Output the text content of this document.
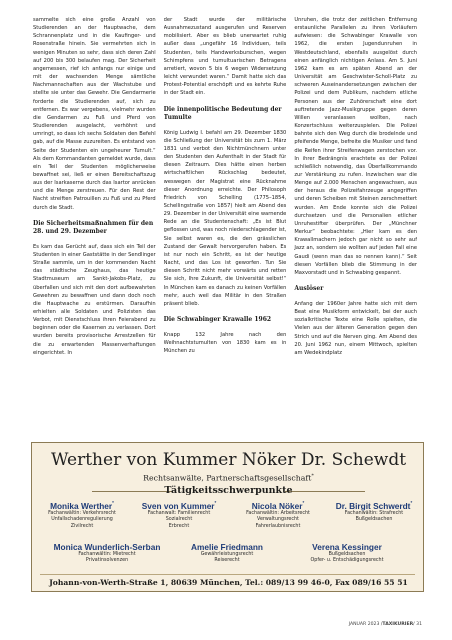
sammelte sich eine große Anzahl von Studierenden an der Hauptwache, dem Schrannenplatz und in die Kaufinger- und Rosenstraße hinein. Sie vermehrten sich in wenigen Minuten so sehr, dass sich deren Zahl auf 200 bis 300 belaufen mag. Der Sicherheit angemessen, rief ich anfangs nur einige und mit der wachsenden Menge sämtliche Nachmannschaften aus der Wachstube und stellte sie unter das Gewehr. Die Gendarmerie forderte die Studierenden auf, sich zu entfernen. Es war vergebens, vielmehr wurden die Gendarmen zu Fuß und Pferd von Studierenden ausgelacht, verhöhnt und umringt, so dass ich sechs Soldaten den Befehl gab, auf die Masse zuzureiten. Es entstand von Seite der Studenten ein ungeheurer Tumult.“ Als dem Kommandanten gemeldet wurde, dass ein Teil der Studenten möglicherweise bewaffnet sei, ließ er einen Bereitschaftszug aus der Isarkaserne durch das Isartor anrücken und die Menge zerstreuen. Für den Rest der Nacht streiften Patrouillen zu Fuß und zu Pferd durch die Stadt.

Die Sicherheitsmaßnahmen für den 28. und 29. Dezember

Es kam das Gerücht auf, dass sich ein Teil der Studenten in einer Gaststätte in der Sendlinger Straße sammle, um in der kommenden Nacht das städtische Zeughaus, das heutige Stadtmuseum am Sankt-Jakobs-Platz, zu überfallen und sich mit den dort aufbewahrten Gewehren zu bewaffnen und dann doch noch die Hauptwache zu erstürmen. Daraufhin erhielten alle Soldaten und Polizisten das Verbot, mit Dienstschluss ihren Feierabend zu beginnen oder die Kasernen zu verlassen. Dort wurden bereits provisorische Arrestzellen für die zu erwartenden Massenverhaftungen eingerichtet. In

der Stadt wurde der militärische Ausnahmezustand ausgerufen und Reserven mobilisiert. Aber es blieb unerwartet ruhig außer dass „ungefähr 16 Individuen, teils Studenten, teils Handwerksburschen, wegen Schimpfens und tumultuarischen Betragens arretiert, wovon 5 bis 6 wegen Widersetzung leicht verwundet waren.“ Damit hatte sich das Protest-Potential erschöpft und es kehrte Ruhe in der Stadt ein.

Die innenpolitische Bedeutung der Tumulte

König Ludwig I. befahl am 29. Dezember 1830 die Schließung der Universität bis zum 1. März 1831 und verbot den Nichtmünchnern unter den Studenten den Aufenthalt in der Stadt für diesen Zeitraum. Dies hätte einen herben wirtschaftlichen Rückschlag bedeutet, weswegen der Magistrat eine Rücknahme dieser Anordnung erreichte. Der Philosoph Friedrich von Schelling (1775–1854, Schellingstraße von 1857) hielt am Abend des 29. Dezember in der Universität eine warnende Rede an die Studentenschaft: „Es ist Blut geflossen und, was noch niederschlagender ist, Sie selbst waren es, die den grässlichen Zustand der Gewalt hervorgerufen haben. Es ist nur noch ein Schritt, es ist der heutige Nacht, und das Los ist geworfen. Tun Sie diesen Schritt nicht mehr vorwärts und retten Sie sich, Ihre Zukunft, die Universität selbst!“ In München kam es danach zu keinen Vorfällen mehr, auch weil das Militär in den Straßen präsent blieb.

Die Schwabinger Krawalle 1962

Knapp 132 Jahre nach den Weihnachtstumulten von 1830 kam es in München zu

Unruhen, die trotz der zeitlichen Entfernung erstaunliche Parallelen zu ihren Vorläufern aufwiesen: die Schwabinger Krawalle von 1962, die ersten Jugendunruhen in Westdeutschland, ebenfalls ausgelöst durch einen anfänglich nichtigen Anlass. Am 5. Juni 1962 kam es am späten Abend an der Universität am Geschwister-Scholl-Platz zu schweren Auseinandersetzungen zwischen der Polizei und dem Publikum, nachdem etliche Personen aus der Zuhörerschaft eine dort auftretende Jazz-Musikgruppe gegen deren Willen veranlassen wollten, nach Konzertschluss weiterzuspielen. Die Polizei bahnte sich den Weg durch die brodelnde und pfeifende Menge, befreite die Musiker und fand die Reifen ihrer Streifenwagen zerstochen vor. In ihrer Bedrängnis erachtete es der Polizei schließlich notwendig, das Überfallkommando zur Verstärkung zu rufen. Inzwischen war die Menge auf 2.000 Menschen angewachsen, aus der heraus die Polizeifahrzeuge angegriffen und deren Scheiben mit Steinen zerschmettert wurden. Am Ende konnte sich die Polizei durchsetzen und die Personalien etlicher Unruhestifter überprüfen. Der „Münchner Merkur“ beobachtete: „Hier kam es den Krawallmachern jedoch gar nicht so sehr auf Jazz an, sondern sie wollten auf jeden Fall eine Gaudi (wenn man das so nennen kann).“ Seit diesen Vorfällen blieb die Stimmung in der Maxvorstadt und in Schwabing gespannt.

Auslöser

Anfang der 1960er Jahre hatte sich mit dem Beat eine Musikform entwickelt, bei der auch sozialkritische Texte eine Rolle spielten, die Vielen aus der älteren Generation gegen den Strich und auf die Nerven ging. Am Abend des 20. Juni 1962 nun, einem Mittwoch, spielten am Wedekindplatz

Werther von Kummer Nöker Dr. Schewdt
Rechtsanwälte, Partnerschaftsgesellschaft*
Tätigkeitsschwerpunkte
Monika Werther*
Fachanwältin: Verkehrsrecht
Unfallschadenregulierung
Zivilrecht
Sven von Kummer*
Fachanwalt: Familienrecht
Sozialrecht
Erbrecht
Nicola Nöker*
Fachanwältin: Arbeitsrecht
Verwaltungsrecht
Fahrerlaubnisrecht
Dr. Birgit Schwerdt*
Fachanwältin: Strafrecht
Bußgeldsachen
Monica Wunderlich-Serban
Fachanwältin: Mietrecht
Privatinsolvenzen
Amelie Friedmann
Gewährleistungsrecht
Reiserecht
Verena Kessinger
Bußgeldsachen
Opfer- u. Entschädigungsrecht
Johann-von-Werth-Straße 1, 80639 München, Tel.: 089/13 99 46-0, Fax 089/16 55 51
JANUAR 2023 /TAXIKURIER/ 31
